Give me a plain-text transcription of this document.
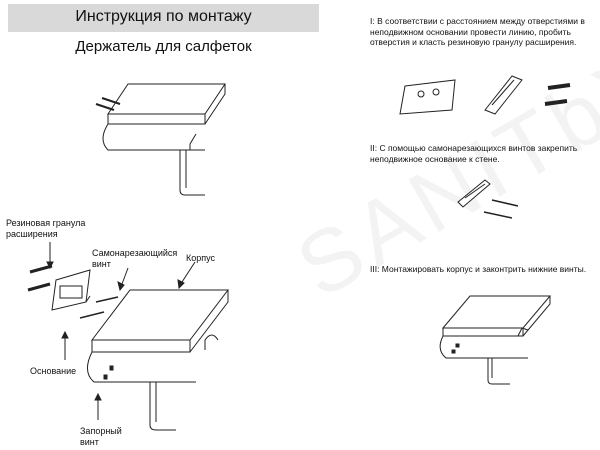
Инструкция по монтажу
Держатель для салфеток
Резиновая гранула расширения
Самонарезающийся винт
Корпус
Основание
Запорный винт
I: В соответствии с расстоянием между отверстиями в неподвижном основании провести линию, пробить отверстия и класть резиновую гранулу расширения.
II: С помощью самонарезающихся винтов закрепить неподвижное основание к стене.
III: Монтажировать корпус и законтрить нижние винты.
